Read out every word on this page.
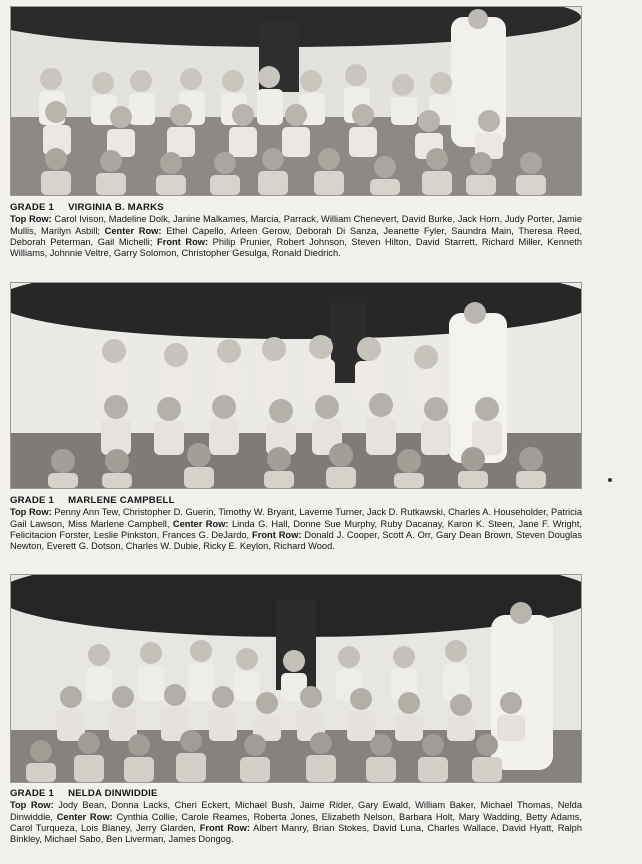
GRADE 1 VIRGINIA B. MARKS
Top Row: Carol Ivison, Madeline Dolk, Janine Malkames, Marcia, Parrack, William Chenevert, David Burke, Jack Horn, Judy Porter, Jamie Mullis, Marilyn Asbill; Center Row: Ethel Capello, Arleen Gerow, Deborah Di Sanza, Jeanette Fyler, Saundra Main, Theresa Reed, Deborah Peterman, Gail Michelli; Front Row: Philip Prunier, Robert Johnson, Steven Hilton, David Starrett, Richard Miller, Kenneth Williams, Johnnie Veltre, Garry Solomon, Christopher Gesulga, Ronald Diedrich.
GRADE 1 MARLENE CAMPBELL
Top Row: Penny Ann Tew, Christopher D. Guerin, Timothy W. Bryant, Laverne Turner, Jack D. Rutkawski, Charles A. Householder, Patricia Gail Lawson, Miss Marlene Campbell, Center Row: Linda G. Hall, Donne Sue Murphy, Ruby Dacanay, Karon K. Steen, Jane F. Wright, Felicitacion Forster, Leslie Pinkston, Frances G. DeJardo, Front Row: Donald J. Cooper, Scott A. Orr, Gary Dean Brown, Steven Douglas Newton, Everett G. Dotson, Charles W. Dubie, Ricky E. Keylon, Richard Wood.
GRADE 1 NELDA DINWIDDIE
Top Row: Jody Bean, Donna Lacks, Cheri Eckert, Michael Bush, Jaime Rider, Gary Ewald, William Baker, Michael Thomas, Nelda Dinwiddie, Center Row: Cynthia Collie, Carole Reames, Roberta Jones, Elizabeth Nelson, Barbara Holt, Mary Wadding, Betty Adams, Carol Turqueza, Lois Blaney, Jerry Glarden, Front Row: Albert Manry, Brian Stokes, David Luna, Charles Wallace, David Hyatt, Ralph Binkley, Michael Sabo, Ben Liverman, James Dongog.
